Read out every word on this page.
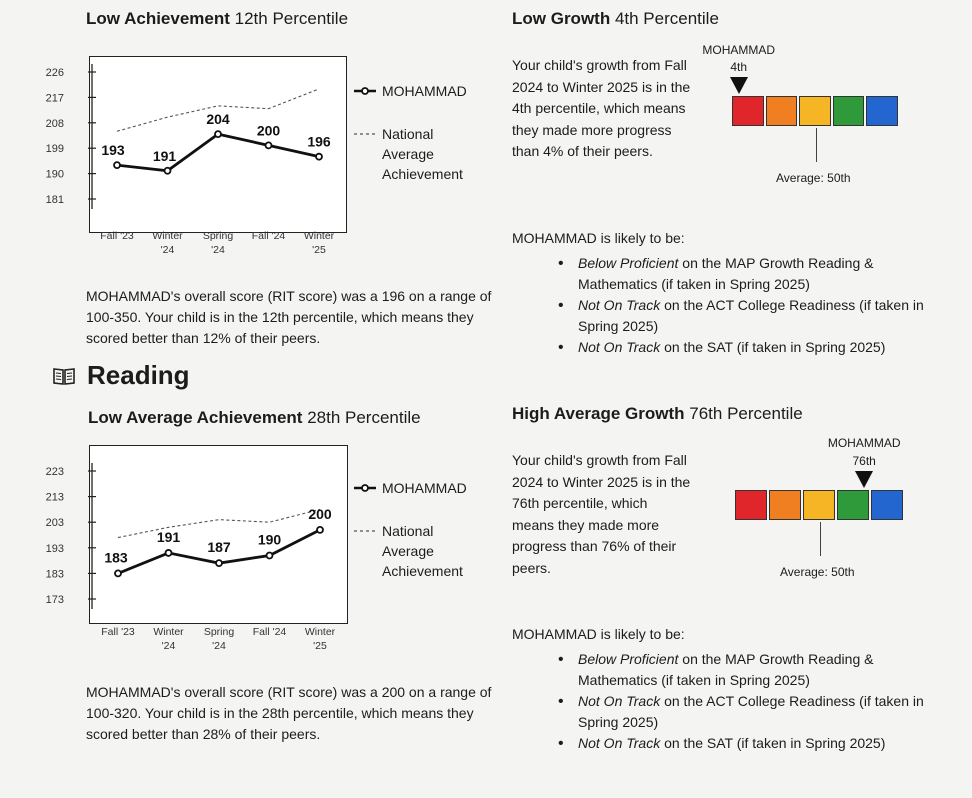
Low Achievement 12th Percentile
226
217
208
199
190
181
193 191
204
200
196
Fall '23 Winter
'24
Spring
'24
Fall '24 Winter
'25
MOHAMMAD
National
Average
Achievement
MOHAMMAD's overall score (RIT score) was a 196 on a range of 100-350. Your child is in the 12th percentile, which means they scored better than 12% of their peers.
Low Growth 4th Percentile
Your child's growth from Fall 2024 to Winter 2025 is in the 4th percentile, which means they made more progress than 4% of their peers.
MOHAMMAD
4th
Average: 50th
MOHAMMAD is likely to be:
• Below Proficient on the MAP Growth Reading & Mathematics (if taken in Spring 2025)
• Not On Track on the ACT College Readiness (if taken in Spring 2025)
• Not On Track on the SAT (if taken in Spring 2025)
Reading
Low Average Achievement 28th Percentile
223
213
203
193
183
173
183
191
187 190
200
Fall '23 Winter
'24
Spring
'24
Fall '24 Winter
'25
MOHAMMAD
National
Average
Achievement
MOHAMMAD's overall score (RIT score) was a 200 on a range of 100-320. Your child is in the 28th percentile, which means they scored better than 28% of their peers.
High Average Growth 76th Percentile
Your child's growth from Fall 2024 to Winter 2025 is in the 76th percentile, which means they made more progress than 76% of their peers.
MOHAMMAD
76th
Average: 50th
MOHAMMAD is likely to be:
• Below Proficient on the MAP Growth Reading & Mathematics (if taken in Spring 2025)
• Not On Track on the ACT College Readiness (if taken in Spring 2025)
• Not On Track on the SAT (if taken in Spring 2025)
